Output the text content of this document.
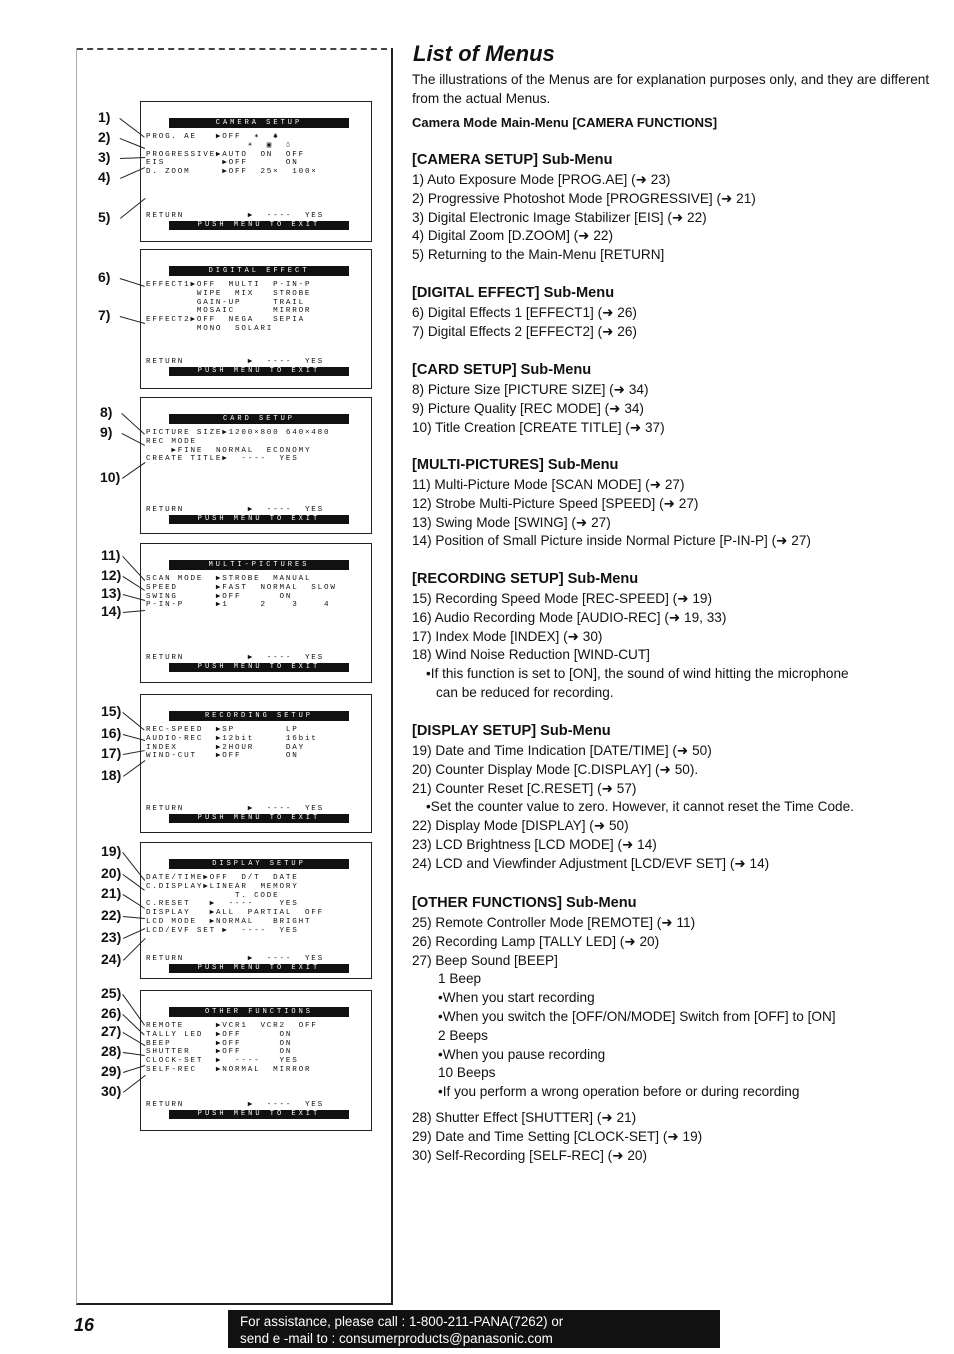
CAMERA SETUP
PROG. AE   ▶OFF  ✶  ♣
☀  ▣  ☃
PROGRESSIVE▶AUTO  ON  OFF
EIS         ▶OFF      ON
D. ZOOM     ▶OFF  25×  100×
RETURN          ▶  ----  YES
PUSH MENU TO EXIT
DIGITAL EFFECT
EFFECT1▶OFF  MULTI  P-IN-P
WIPE  MIX   STROBE
GAIN-UP     TRAIL
MOSAIC      MIRROR
EFFECT2▶OFF  NEGA   SEPIA
MONO  SOLARI
RETURN          ▶  ----  YES
PUSH MENU TO EXIT
CARD SETUP
PICTURE SIZE▶1200×800 640×480
REC MODE
▶FINE  NORMAL  ECONOMY
CREATE TITLE▶  ----  YES
RETURN          ▶  ----  YES
PUSH MENU TO EXIT
MULTI-PICTURES
SCAN MODE  ▶STROBE  MANUAL
SPEED      ▶FAST  NORMAL  SLOW
SWING      ▶OFF      ON
P-IN-P     ▶1     2    3    4
RETURN          ▶  ----  YES
PUSH MENU TO EXIT
RECORDING SETUP
REC-SPEED  ▶SP        LP
AUDIO-REC  ▶12bit     16bit
INDEX      ▶2HOUR     DAY
WIND-CUT   ▶OFF       ON
RETURN          ▶  ----  YES
PUSH MENU TO EXIT
DISPLAY SETUP
DATE/TIME▶OFF  D/T  DATE
C.DISPLAY▶LINEAR  MEMORY
T. CODE
C.RESET   ▶  ----    YES
DISPLAY   ▶ALL  PARTIAL  OFF
LCD MODE  ▶NORMAL   BRIGHT
LCD/EVF SET ▶  ----  YES
RETURN          ▶  ----  YES
PUSH MENU TO EXIT
OTHER FUNCTIONS
REMOTE     ▶VCR1  VCR2  OFF
TALLY LED  ▶OFF      ON
BEEP       ▶OFF      ON
SHUTTER    ▶OFF      ON
CLOCK-SET  ▶  ----   YES
SELF-REC   ▶NORMAL  MIRROR
RETURN          ▶  ----  YES
PUSH MENU TO EXIT
1)
2)
3)
4)
5)
6)
7)
8)
9)
10)
11)
12)
13)
14)
15)
16)
17)
18)
19)
20)
21)
22)
23)
24)
25)
26)
27)
28)
29)
30)
List of Menus
The illustrations of the Menus are for explanation purposes only, and they are different from the actual Menus.
Camera Mode Main-Menu [CAMERA FUNCTIONS]
[CAMERA SETUP] Sub-Menu
1) Auto Exposure Mode [PROG.AE] (➜ 23)
2) Progressive Photoshot Mode [PROGRESSIVE] (➜ 21)
3) Digital Electronic Image Stabilizer [EIS] (➜ 22)
4) Digital Zoom [D.ZOOM] (➜ 22)
5) Returning to the Main-Menu [RETURN]
[DIGITAL EFFECT] Sub-Menu
6) Digital Effects 1 [EFFECT1] (➜ 26)
7) Digital Effects 2 [EFFECT2] (➜ 26)
[CARD SETUP] Sub-Menu
8) Picture Size [PICTURE SIZE] (➜ 34)
9) Picture Quality [REC MODE] (➜ 34)
10) Title Creation [CREATE TITLE] (➜ 37)
[MULTI-PICTURES] Sub-Menu
11) Multi-Picture Mode [SCAN MODE] (➜ 27)
12) Strobe Multi-Picture Speed [SPEED] (➜ 27)
13) Swing Mode [SWING] (➜ 27)
14) Position of Small Picture inside Normal Picture [P-IN-P] (➜ 27)
[RECORDING SETUP] Sub-Menu
15) Recording Speed Mode [REC-SPEED] (➜ 19)
16) Audio Recording Mode [AUDIO-REC] (➜ 19, 33)
17) Index Mode [INDEX] (➜ 30)
18) Wind Noise Reduction [WIND-CUT]
•If this function is set to [ON], the sound of wind hitting the microphone
can be reduced for recording.
[DISPLAY SETUP] Sub-Menu
19) Date and Time Indication [DATE/TIME] (➜ 50)
20) Counter Display Mode [C.DISPLAY] (➜ 50).
21) Counter Reset [C.RESET] (➜ 57)
•Set the counter value to zero. However, it cannot reset the Time Code.
22) Display Mode [DISPLAY] (➜ 50)
23) LCD Brightness [LCD MODE] (➜ 14)
24) LCD and Viewfinder Adjustment [LCD/EVF SET] (➜ 14)
[OTHER FUNCTIONS] Sub-Menu
25) Remote Controller Mode [REMOTE] (➜ 11)
26) Recording Lamp [TALLY LED] (➜ 20)
27) Beep Sound [BEEP]
1 Beep
•When you start recording
•When you switch the [OFF/ON/MODE] Switch from [OFF] to [ON]
2 Beeps
•When you pause recording
10 Beeps
•If you perform a wrong operation before or during recording
28) Shutter Effect [SHUTTER] (➜ 21)
29) Date and Time Setting [CLOCK-SET] (➜ 19)
30) Self-Recording [SELF-REC] (➜ 20)
16	For assistance, please call : 1-800-211-PANA(7262) or
send e -mail to : consumerproducts@panasonic.com
